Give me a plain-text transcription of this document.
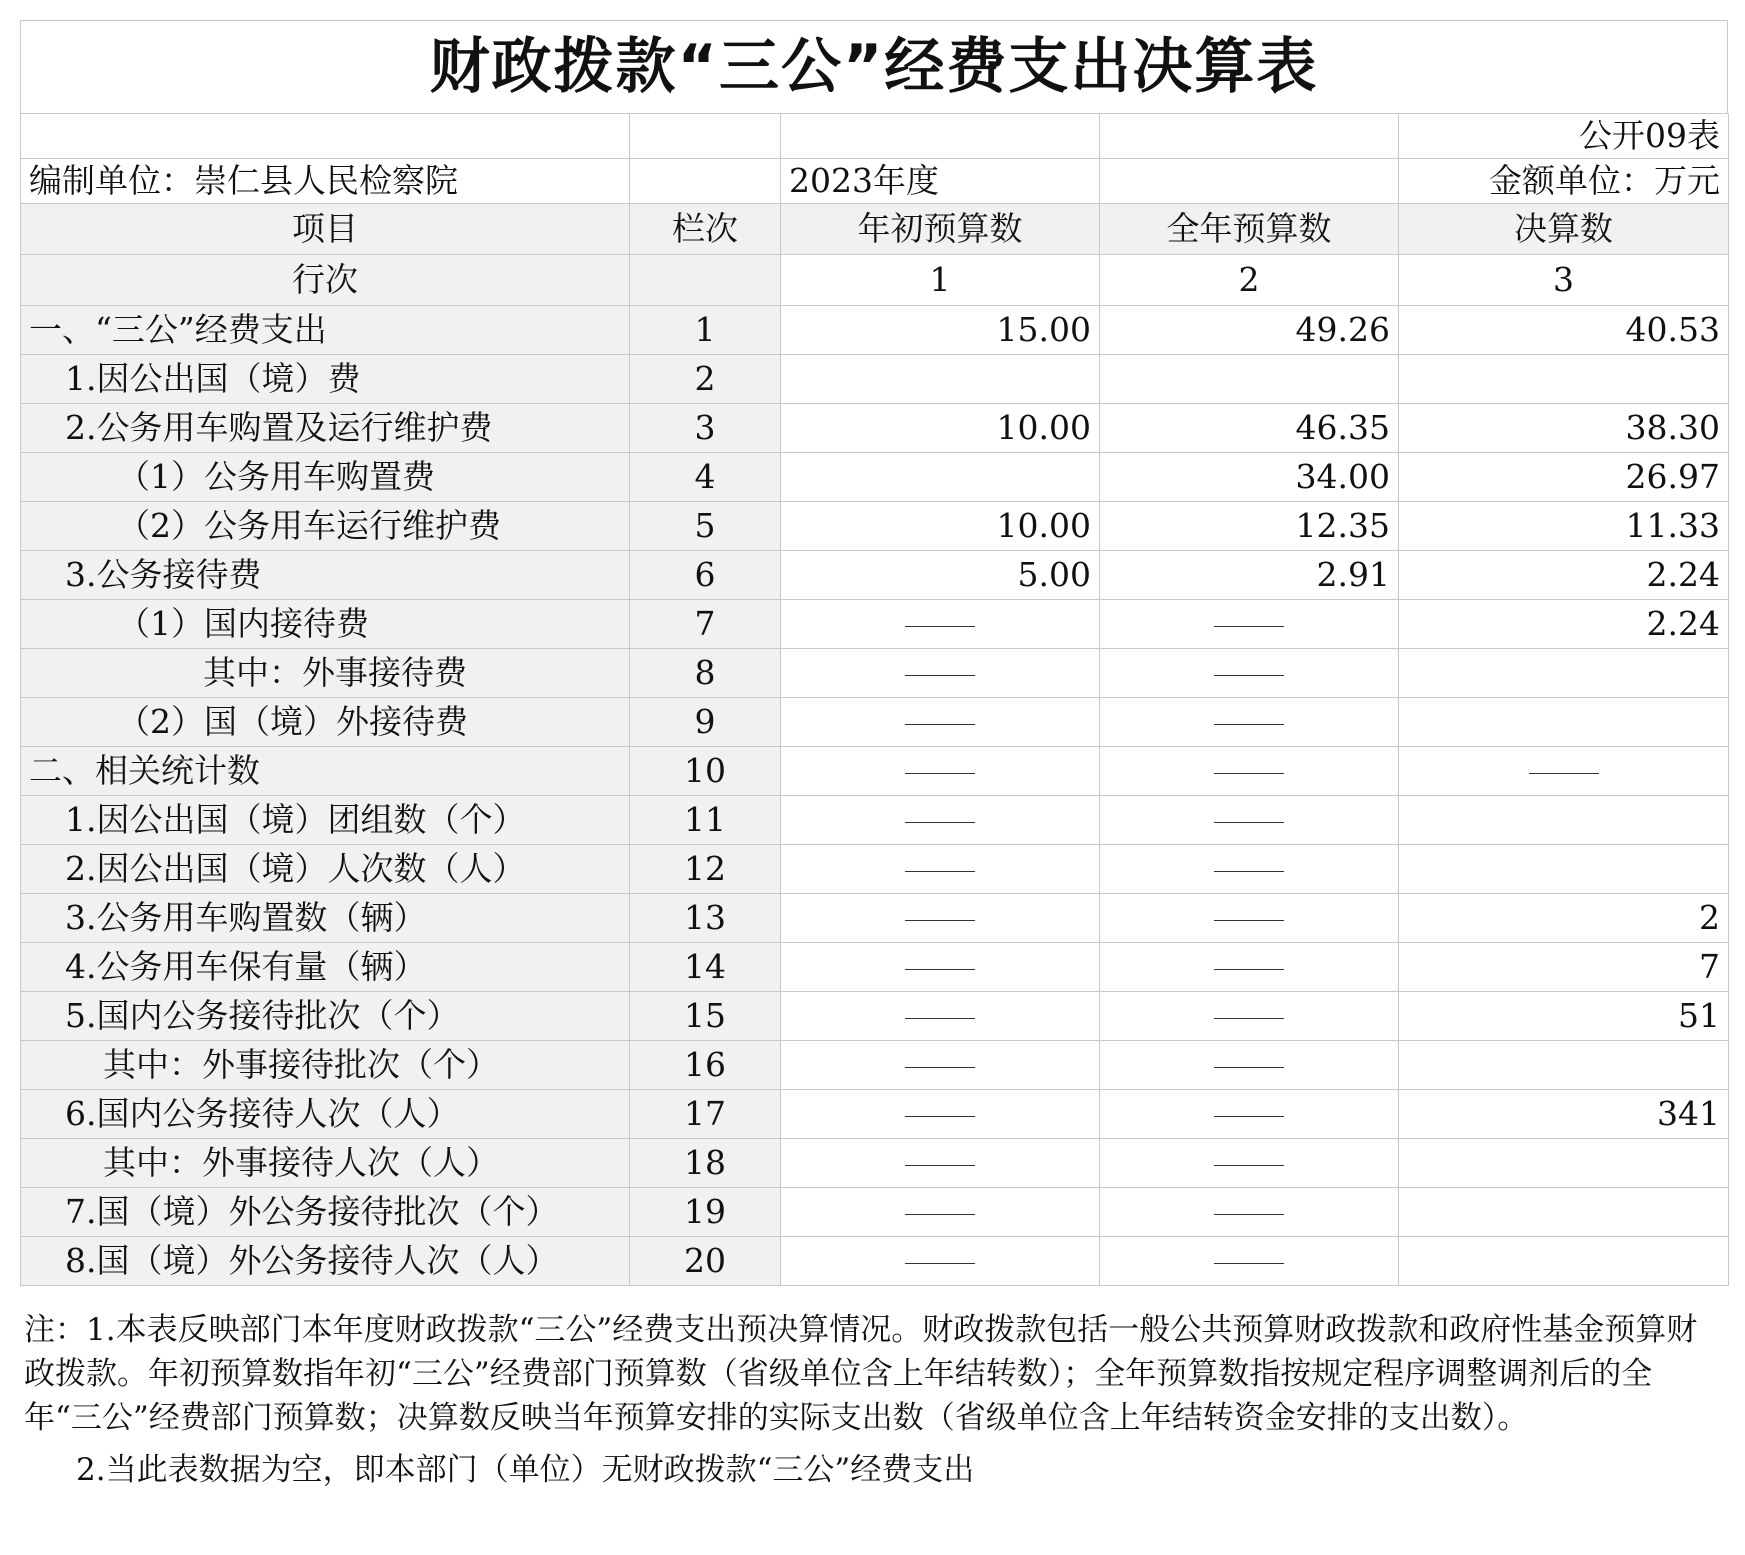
财政拨款“三公”经费支出决算表
				公开09表
编制单位：崇仁县人民检察院		2023年度		金额单位：万元
项目	栏次	年初预算数	全年预算数	决算数
行次		1	2	3
一、“三公”经费支出	1	15.00	49.26	40.53
1.因公出国（境）费	2			
2.公务用车购置及运行维护费	3	10.00	46.35	38.30
（1）公务用车购置费	4		34.00	26.97
（2）公务用车运行维护费	5	10.00	12.35	11.33
3.公务接待费	6	5.00	2.91	2.24
（1）国内接待费	7			2.24
其中：外事接待费	8			
（2）国（境）外接待费	9			
二、相关统计数	10			
1.因公出国（境）团组数（个）	11			
2.因公出国（境）人次数（人）	12			
3.公务用车购置数（辆）	13			2
4.公务用车保有量（辆）	14			7
5.国内公务接待批次（个）	15			51
其中：外事接待批次（个）	16			
6.国内公务接待人次（人）	17			341
其中：外事接待人次（人）	18			
7.国（境）外公务接待批次（个）	19			
8.国（境）外公务接待人次（人）	20			

注：1.本表反映部门本年度财政拨款“三公”经费支出预决算情况。财政拨款包括一般公共预算财政拨款和政府性基金预算财政拨款。年初预算数指年初“三公”经费部门预算数（省级单位含上年结转数）；全年预算数指按规定程序调整调剂后的全年“三公”经费部门预算数；决算数反映当年预算安排的实际支出数（省级单位含上年结转资金安排的支出数）。

2.当此表数据为空，即本部门（单位）无财政拨款“三公”经费支出
